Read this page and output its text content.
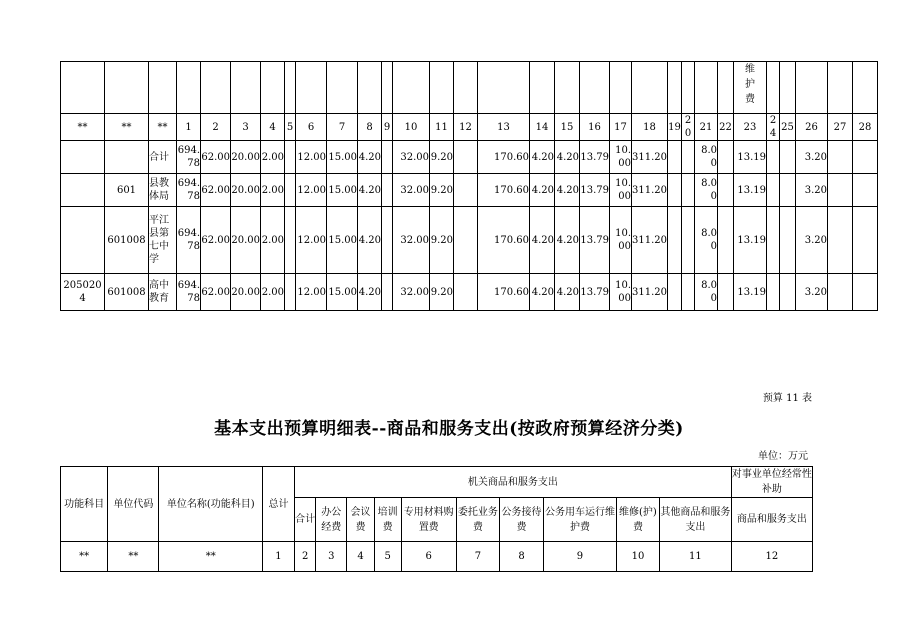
																									维
护
费					
**	**	**	1	2	3	4	5	6	7	8	9	10	11	12	13	14	15	16	17	18	19	20	21	22	23	24	25	26	27	28
		合计	694.78	62.00	20.00	2.00		12.00	15.00	4.20		32.00	9.20		170.60	4.20	4.20	13.79	10.00	311.20			8.00		13.19			3.20		
	601	县教体局	694.78	62.00	20.00	2.00		12.00	15.00	4.20		32.00	9.20		170.60	4.20	4.20	13.79	10.00	311.20			8.00		13.19			3.20		
	601008	平江县第七中学	694.78	62.00	20.00	2.00		12.00	15.00	4.20		32.00	9.20		170.60	4.20	4.20	13.79	10.00	311.20			8.00		13.19			3.20		
2050204	601008	高中教育	694.78	62.00	20.00	2.00		12.00	15.00	4.20		32.00	9.20		170.60	4.20	4.20	13.79	10.00	311.20			8.00		13.19			3.20		
预算 11 表
基本支出预算明细表--商品和服务支出(按政府预算经济分类)
单位：万元
功能科目	单位代码	单位名称(功能科目)	总计	机关商品和服务支出										对事业单位经常性补助
				合计	办公经费	会议费	培训费	专用材料购置费	委托业务费	公务接待费	公务用车运行维护费	维修(护)费	其他商品和服务支出	商品和服务支出
**	**	**	1	2	3	4	5	6	7	8	9	10	11	12
